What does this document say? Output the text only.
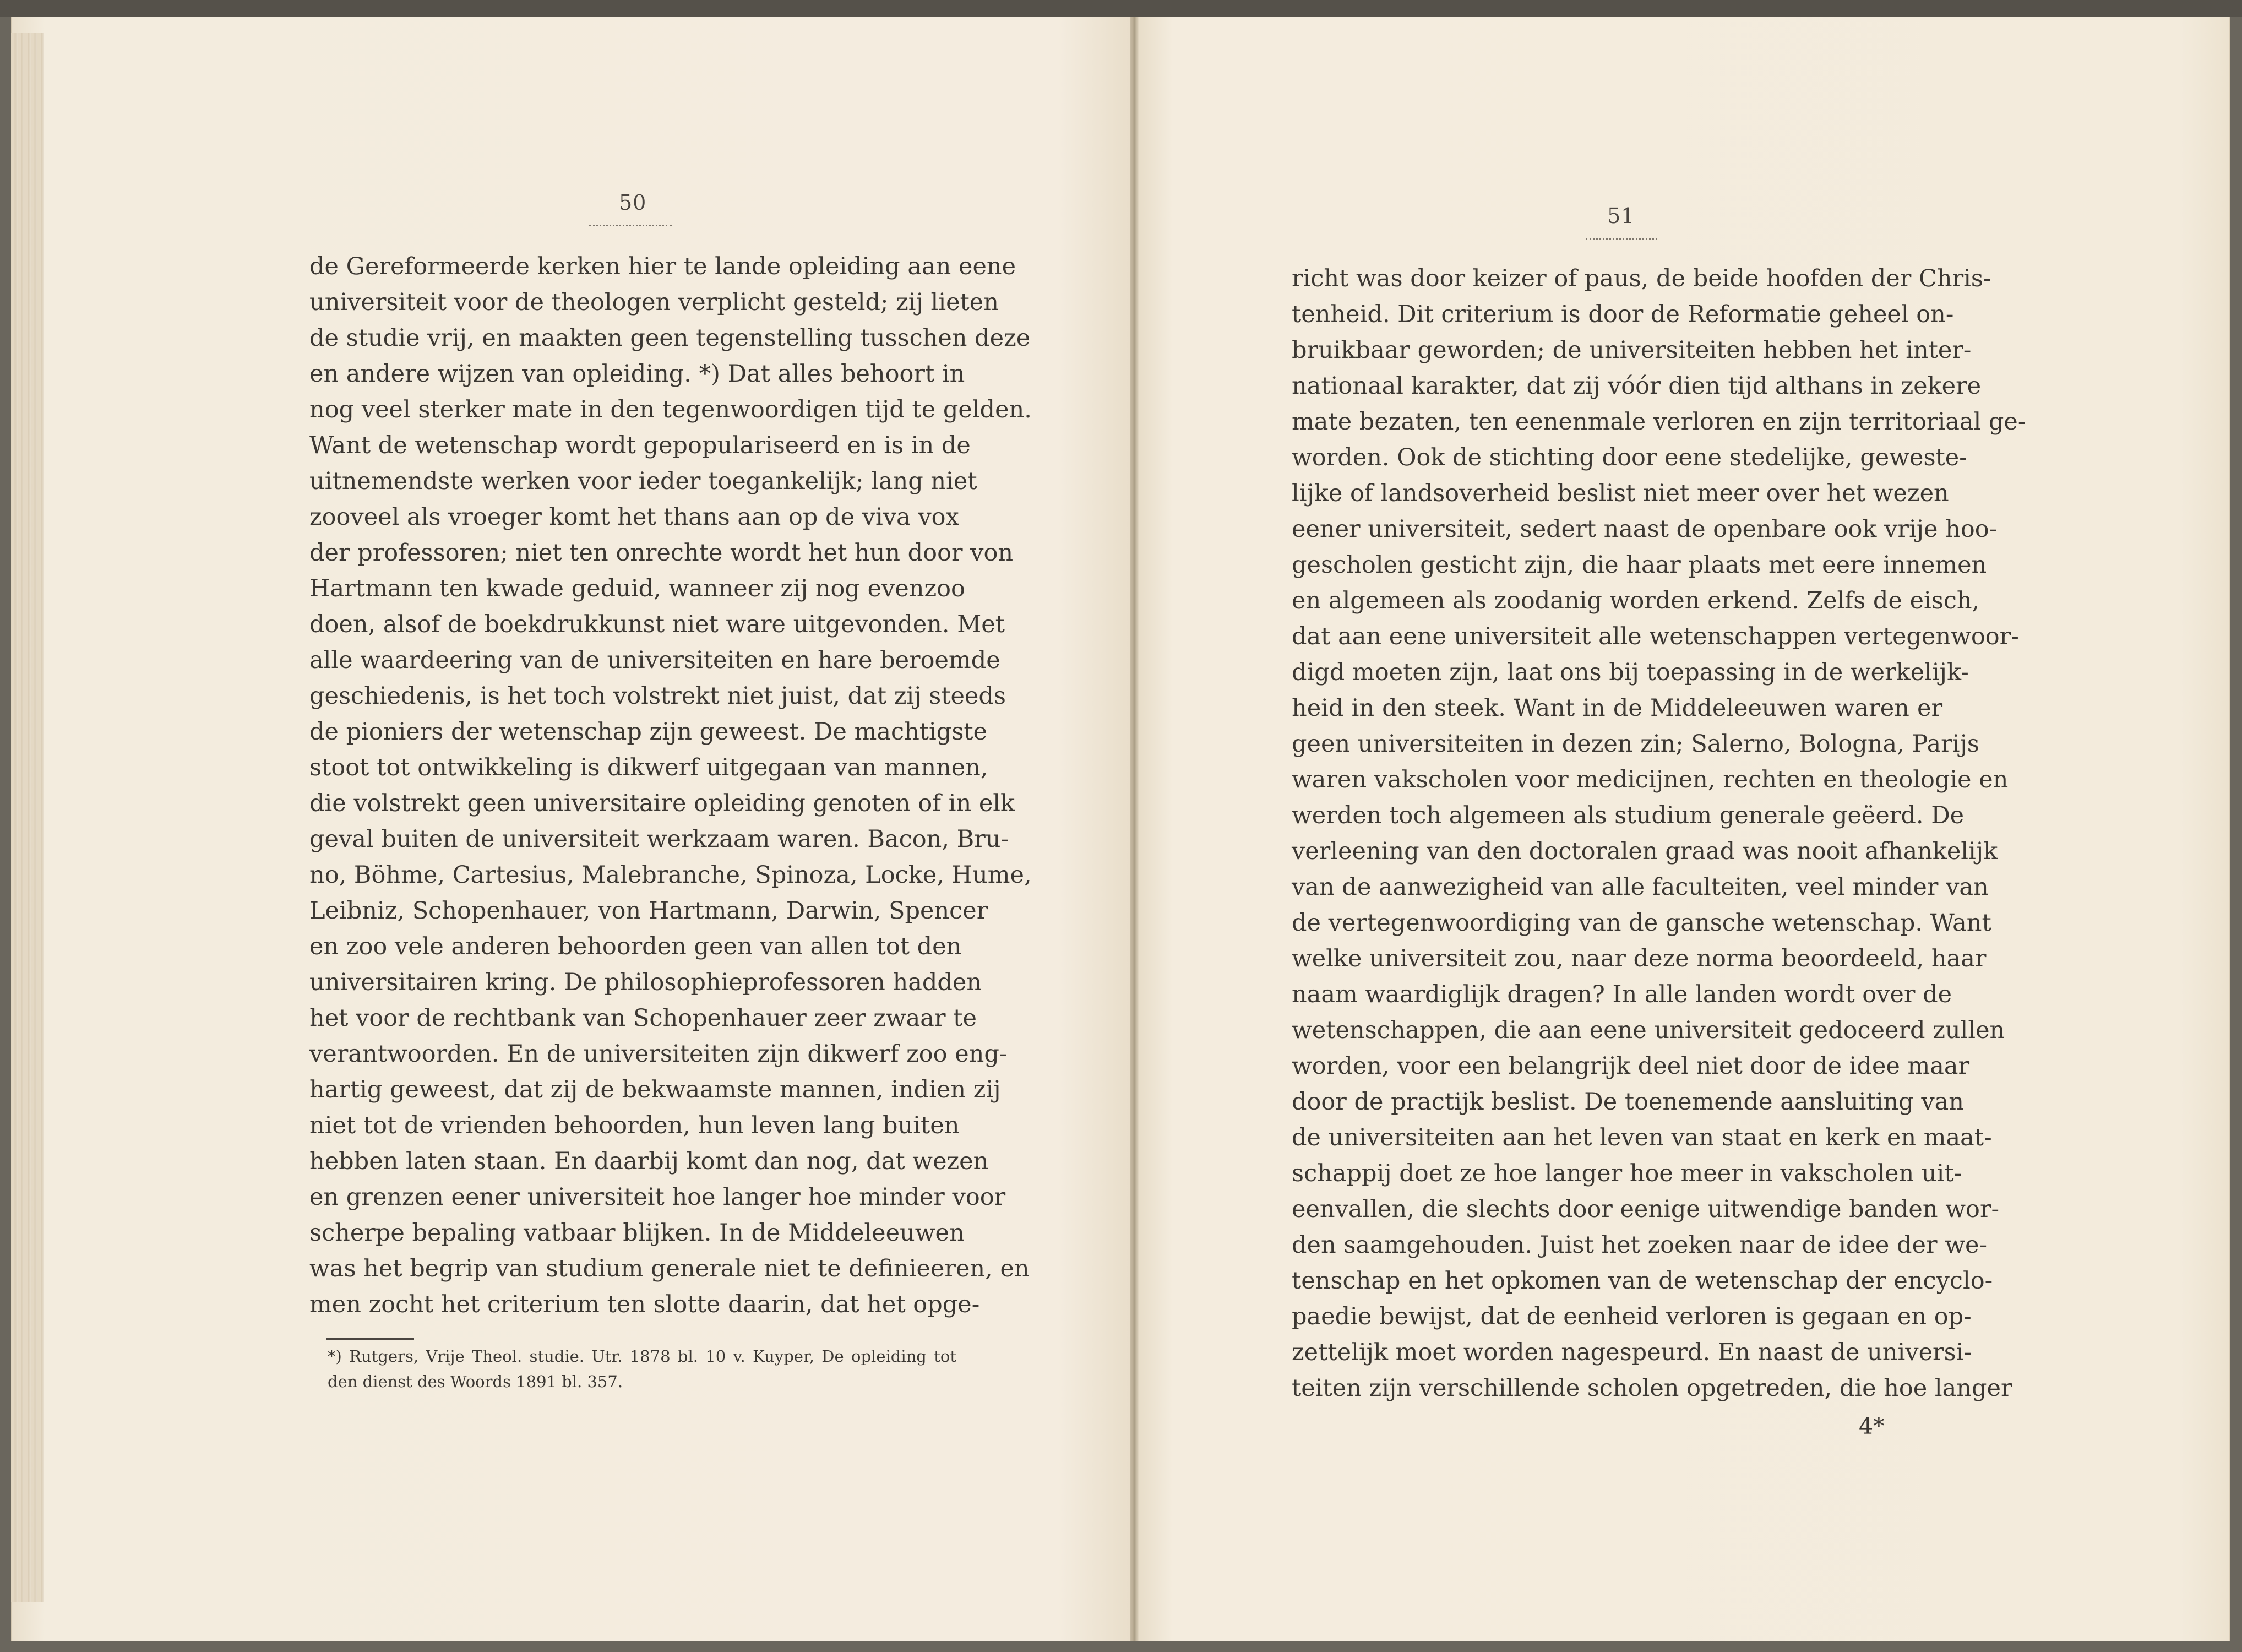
50
de Gereformeerde kerken hier te lande opleiding aan eene
universiteit voor de theologen verplicht gesteld; zij lieten
de studie vrij, en maakten geen tegenstelling tusschen deze
en andere wijzen van opleiding. *) Dat alles behoort in
nog veel sterker mate in den tegenwoordigen tijd te gelden.
Want de wetenschap wordt gepopulariseerd en is in de
uitnemendste werken voor ieder toegankelijk; lang niet
zooveel als vroeger komt het thans aan op de viva vox
der professoren; niet ten onrechte wordt het hun door von
Hartmann ten kwade geduid, wanneer zij nog evenzoo
doen, alsof de boekdrukkunst niet ware uitgevonden. Met
alle waardeering van de universiteiten en hare beroemde
geschiedenis, is het toch volstrekt niet juist, dat zij steeds
de pioniers der wetenschap zijn geweest. De machtigste
stoot tot ontwikkeling is dikwerf uitgegaan van mannen,
die volstrekt geen universitaire opleiding genoten of in elk
geval buiten de universiteit werkzaam waren. Bacon, Bru-
no, Böhme, Cartesius, Malebranche, Spinoza, Locke, Hume,
Leibniz, Schopenhauer, von Hartmann, Darwin, Spencer
en zoo vele anderen behoorden geen van allen tot den
universitairen kring. De philosophieprofessoren hadden
het voor de rechtbank van Schopenhauer zeer zwaar te
verantwoorden. En de universiteiten zijn dikwerf zoo eng-
hartig geweest, dat zij de bekwaamste mannen, indien zij
niet tot de vrienden behoorden, hun leven lang buiten
hebben laten staan. En daarbij komt dan nog, dat wezen
en grenzen eener universiteit hoe langer hoe minder voor
scherpe bepaling vatbaar blijken. In de Middeleeuwen
was het begrip van studium generale niet te definieeren, en
men zocht het criterium ten slotte daarin, dat het opge-
*) Rutgers, Vrije Theol. studie. Utr. 1878 bl. 10 v. Kuyper, De opleiding tot
den dienst des Woords 1891 bl. 357.
51
richt was door keizer of paus, de beide hoofden der Chris-
tenheid. Dit criterium is door de Reformatie geheel on-
bruikbaar geworden; de universiteiten hebben het inter-
nationaal karakter, dat zij vóór dien tijd althans in zekere
mate bezaten, ten eenenmale verloren en zijn territoriaal ge-
worden. Ook de stichting door eene stedelijke, geweste-
lijke of landsoverheid beslist niet meer over het wezen
eener universiteit, sedert naast de openbare ook vrije hoo-
gescholen gesticht zijn, die haar plaats met eere innemen
en algemeen als zoodanig worden erkend. Zelfs de eisch,
dat aan eene universiteit alle wetenschappen vertegenwoor-
digd moeten zijn, laat ons bij toepassing in de werkelijk-
heid in den steek. Want in de Middeleeuwen waren er
geen universiteiten in dezen zin; Salerno, Bologna, Parijs
waren vakscholen voor medicijnen, rechten en theologie en
werden toch algemeen als studium generale geëerd. De
verleening van den doctoralen graad was nooit afhankelijk
van de aanwezigheid van alle faculteiten, veel minder van
de vertegenwoordiging van de gansche wetenschap. Want
welke universiteit zou, naar deze norma beoordeeld, haar
naam waardiglijk dragen? In alle landen wordt over de
wetenschappen, die aan eene universiteit gedoceerd zullen
worden, voor een belangrijk deel niet door de idee maar
door de practijk beslist. De toenemende aansluiting van
de universiteiten aan het leven van staat en kerk en maat-
schappij doet ze hoe langer hoe meer in vakscholen uit-
eenvallen, die slechts door eenige uitwendige banden wor-
den saamgehouden. Juist het zoeken naar de idee der we-
tenschap en het opkomen van de wetenschap der encyclo-
paedie bewijst, dat de eenheid verloren is gegaan en op-
zettelijk moet worden nagespeurd. En naast de universi-
teiten zijn verschillende scholen opgetreden, die hoe langer
4*
